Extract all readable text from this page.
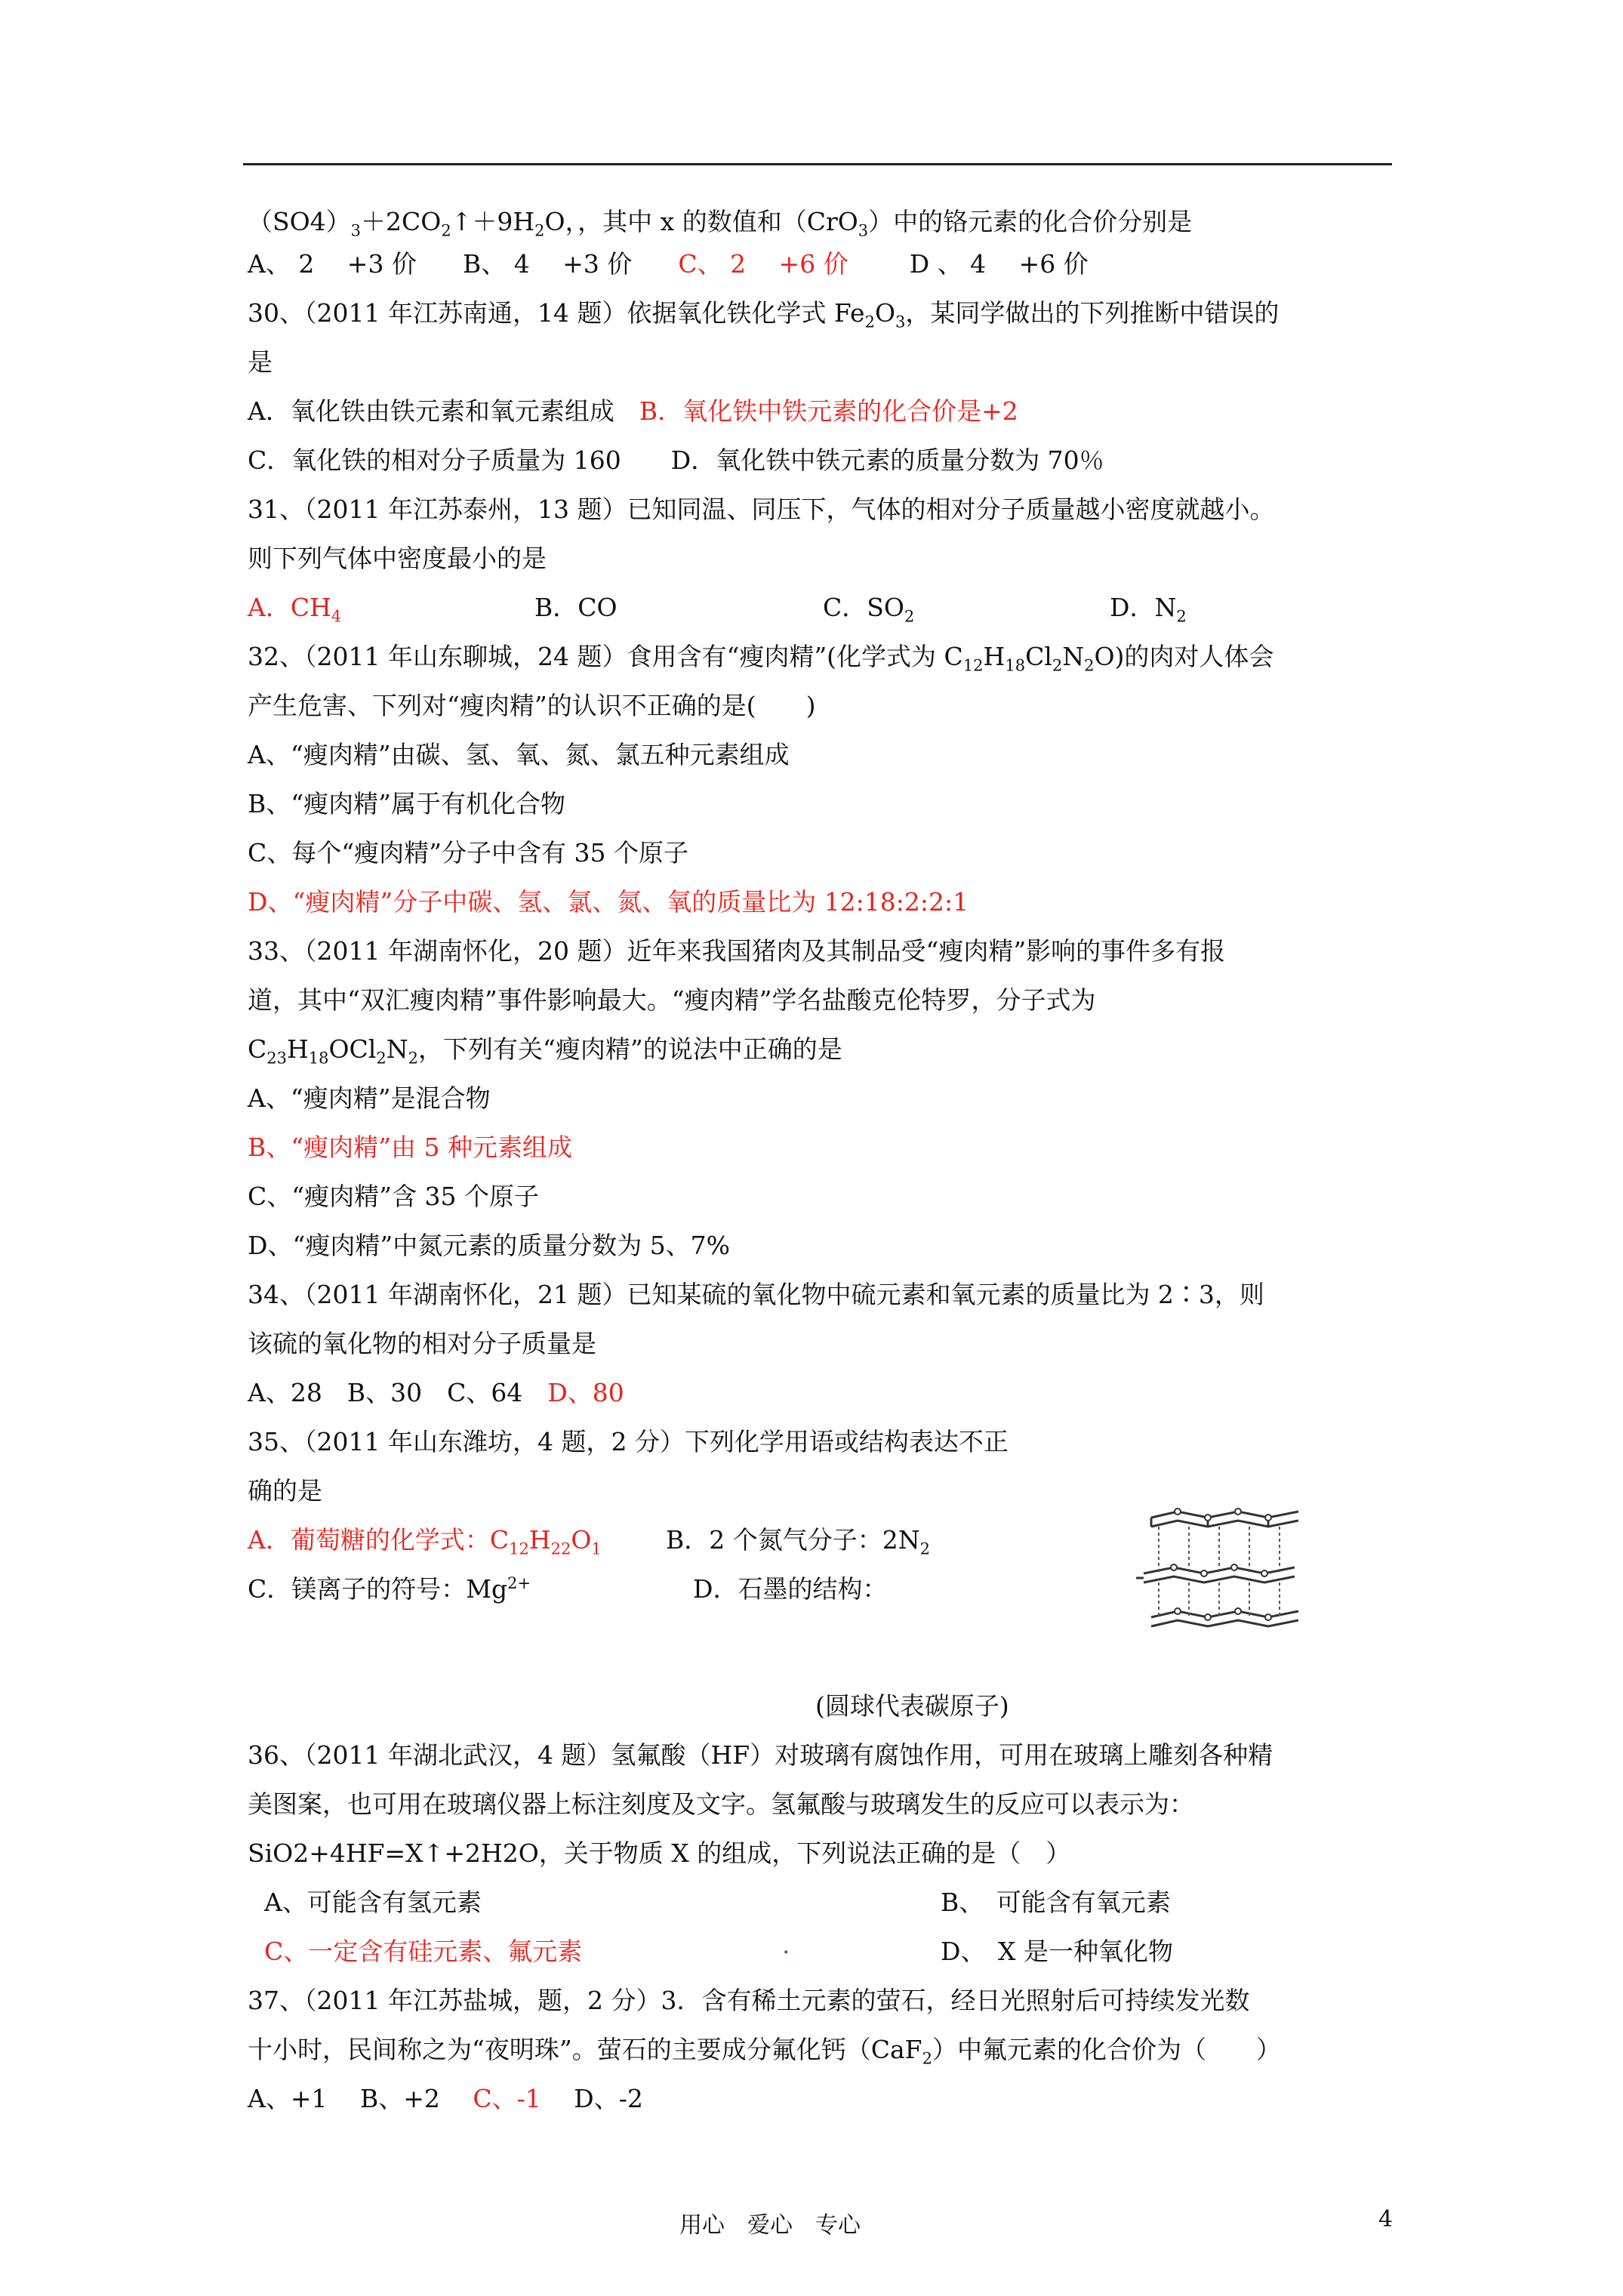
$(SO4)_3+2CO_2↑+9H_2O$，，其中 x 的数值和（CrO$_3$）中的铬元素的化合价分别是
A、 2　 +3 价 B、 4　 +3 价 C、 2　 +6 价 D 、 4　 +6 价
30、（2011 年江苏南通，14 题）依据氧化铁化学式 $Fe_2O_3$，某同学做出的下列推断中错误的
是
A．氧化铁由铁元素和氧元素组成　 B．氧化铁中铁元素的化合价是+2
C．氧化铁的相对分子质量为 160　　 D．氧化铁中铁元素的质量分数为 70％
31、（2011 年江苏泰州，13 题）已知同温、同压下，气体的相对分子质量越小密度就越小。
则下列气体中密度最小的是
A．$CH_4$	B．CO	C．$SO_2$	D．$N_2$
32、（2011 年山东聊城，24 题）食用含有“瘦肉精”(化学式为 $C_{12}H_{18}Cl_2N_2O$)的肉对人体会
产生危害、下列对“瘦肉精”的认识不正确的是(　　)
A、“瘦肉精”由碳、氢、氧、氮、氯五种元素组成
B、“瘦肉精”属于有机化合物
C、每个“瘦肉精”分子中含有 35 个原子
D、“瘦肉精”分子中碳、氢、氯、氮、氧的质量比为 12:18:2:2:1
33、（2011 年湖南怀化，20 题）近年来我国猪肉及其制品受“瘦肉精”影响的事件多有报
道，其中“双汇瘦肉精”事件影响最大。“瘦肉精”学名盐酸克伦特罗，分子式为
$C_{23}H_{18}OCl_2N_2$，下列有关“瘦肉精”的说法中正确的是
A、“瘦肉精”是混合物
B、“瘦肉精”由 5 种元素组成
C、“瘦肉精”含 35 个原子
D、“瘦肉精”中氮元素的质量分数为 5、7%
34、（2011 年湖南怀化，21 题）已知某硫的氧化物中硫元素和氧元素的质量比为 2∶3，则
该硫的氧化物的相对分子质量是
A、28　B、30　C、64　 D、80
35、（2011 年山东潍坊，4 题，2 分）下列化学用语或结构表达不正
确的是
A．葡萄糖的化学式：$C_{12}H_{22}O_1$	B．2 个氮气分子：$2N_2$
C．镁离子的符号：$Mg^{2+}$	D．石墨的结构：
(圆球代表碳原子)
36、（2011 年湖北武汉，4 题）氢氟酸（HF）对玻璃有腐蚀作用，可用在玻璃上雕刻各种精
美图案，也可用在玻璃仪器上标注刻度及文字。氢氟酸与玻璃发生的反应可以表示为：
SiO2+4HF=X↑+2H2O，关于物质 X 的组成，下列说法正确的是（　）
A、可能含有氢元素	B、　可能含有氧元素
C、一定含有硅元素、氟元素	D、　X 是一种氧化物
.
37、（2011 年江苏盐城，题，2 分）3．含有稀土元素的萤石，经日光照射后可持续发光数
十小时，民间称之为“夜明珠”。萤石的主要成分氟化钙（CaF$_2$）中氟元素的化合价为（　　）
A、+1　 B、+2　 C、-1　 D、-2
用心　爱心　专心	4
